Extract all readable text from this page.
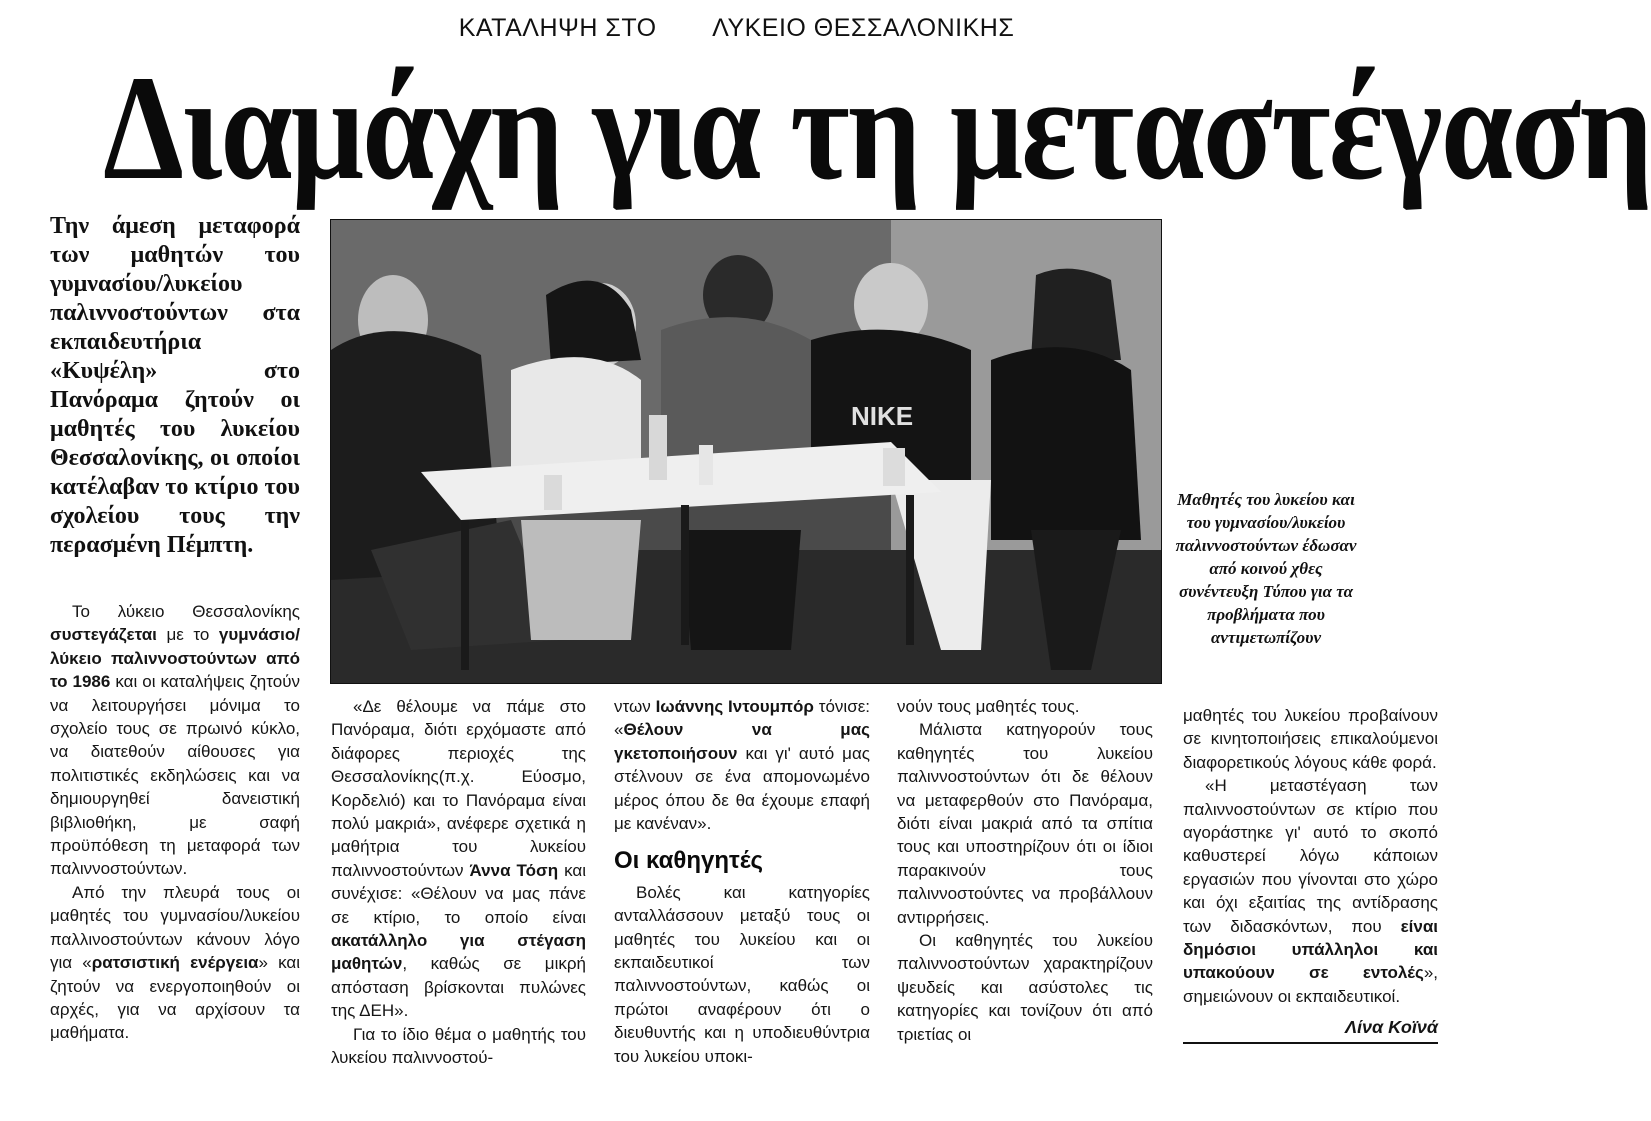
ΚΑΤΑΛΗΨΗ ΣΤΟ ΛΥΚΕΙΟ ΘΕΣΣΑΛΟΝΙΚΗΣ
Διαμάχη για τη μεταστέγαση
Την άμεση μεταφορά των μαθητών του γυμνασίου/λυκείου παλιννοστούντων στα εκπαιδευτήρια «Κυψέλη» στο Πανόραμα ζητούν οι μαθητές του λυκείου Θεσσαλονίκης, οι οποίοι κατέλαβαν το κτίριο του σχολείου τους την περασμένη Πέμπτη.
NIKE
Μαθητές του λυκείου και του γυμνασίου/λυκείου παλιννοστούντων έδωσαν από κοινού χθες συνέντευξη Τύπου για τα προβλήματα που αντιμετωπίζουν

Το λύκειο Θεσσαλονίκης συστεγάζεται με το γυμνάσιο/λύκειο παλιννοστούντων από το 1986 και οι καταλήψεις ζητούν να λειτουργήσει μόνιμα το σχολείο τους σε πρωινό κύκλο, να διατεθούν αίθουσες για πολιτιστικές εκδηλώσεις και να δημιουργηθεί δανειστική βιβλιοθήκη, με σαφή προϋπόθεση τη μεταφορά των παλιννοστούντων.

Από την πλευρά τους οι μαθητές του γυμνασίου/λυκείου παλλινοστούντων κάνουν λόγο για «ρατσιστική ενέργεια» και ζητούν να ενεργοποιηθούν οι αρχές, για να αρχίσουν τα μαθήματα.

«Δε θέλουμε να πάμε στο Πανόραμα, διότι ερχόμαστε από διάφορες περιοχές της Θεσσαλονίκης(π.χ. Εύοσμο, Κορδελιό) και το Πανόραμα είναι πολύ μακριά», ανέφερε σχετικά η μαθήτρια του λυκείου παλιννοστούντων Άννα Τόση και συνέχισε: «Θέλουν να μας πάνε σε κτίριο, το οποίο είναι ακατάλληλο για στέγαση μαθητών, καθώς σε μικρή απόσταση βρίσκονται πυλώνες της ΔΕΗ».

Για το ίδιο θέμα ο μαθητής του λυκείου παλιννοστού-

ντων Ιωάννης Ιντουμπόρ τόνισε: «Θέλουν να μας γκετοποιήσουν και γι' αυτό μας στέλνουν σε ένα απομονωμένο μέρος όπου δε θα έχουμε επαφή με κανέναν».

Οι καθηγητές

Βολές και κατηγορίες ανταλλάσσουν μεταξύ τους οι μαθητές του λυκείου και οι εκπαιδευτικοί των παλιννοστούντων, καθώς οι πρώτοι αναφέρουν ότι ο διευθυντής και η υποδιευθύντρια του λυκείου υποκι-

νούν τους μαθητές τους.

Μάλιστα κατηγορούν τους καθηγητές του λυκείου παλιννοστούντων ότι δε θέλουν να μεταφερθούν στο Πανόραμα, διότι είναι μακριά από τα σπίτια τους και υποστηρίζουν ότι οι ίδιοι παρακινούν τους παλιννοστούντες να προβάλλουν αντιρρήσεις.

Οι καθηγητές του λυκείου παλιννοστούντων χαρακτηρίζουν ψευδείς και ασύστολες τις κατηγορίες και τονίζουν ότι από τριετίας οι

μαθητές του λυκείου προβαίνουν σε κινητοποιήσεις επικαλούμενοι διαφορετικούς λόγους κάθε φορά.

«Η μεταστέγαση των παλιννοστούντων σε κτίριο που αγοράστηκε γι' αυτό το σκοπό καθυστερεί λόγω κάποιων εργασιών που γίνονται στο χώρο και όχι εξαιτίας της αντίδρασης των διδασκόντων, που είναι δημόσιοι υπάλληλοι και υπακούουν σε εντολές», σημειώνουν οι εκπαιδευτικοί.

Λίνα Κοϊνά
